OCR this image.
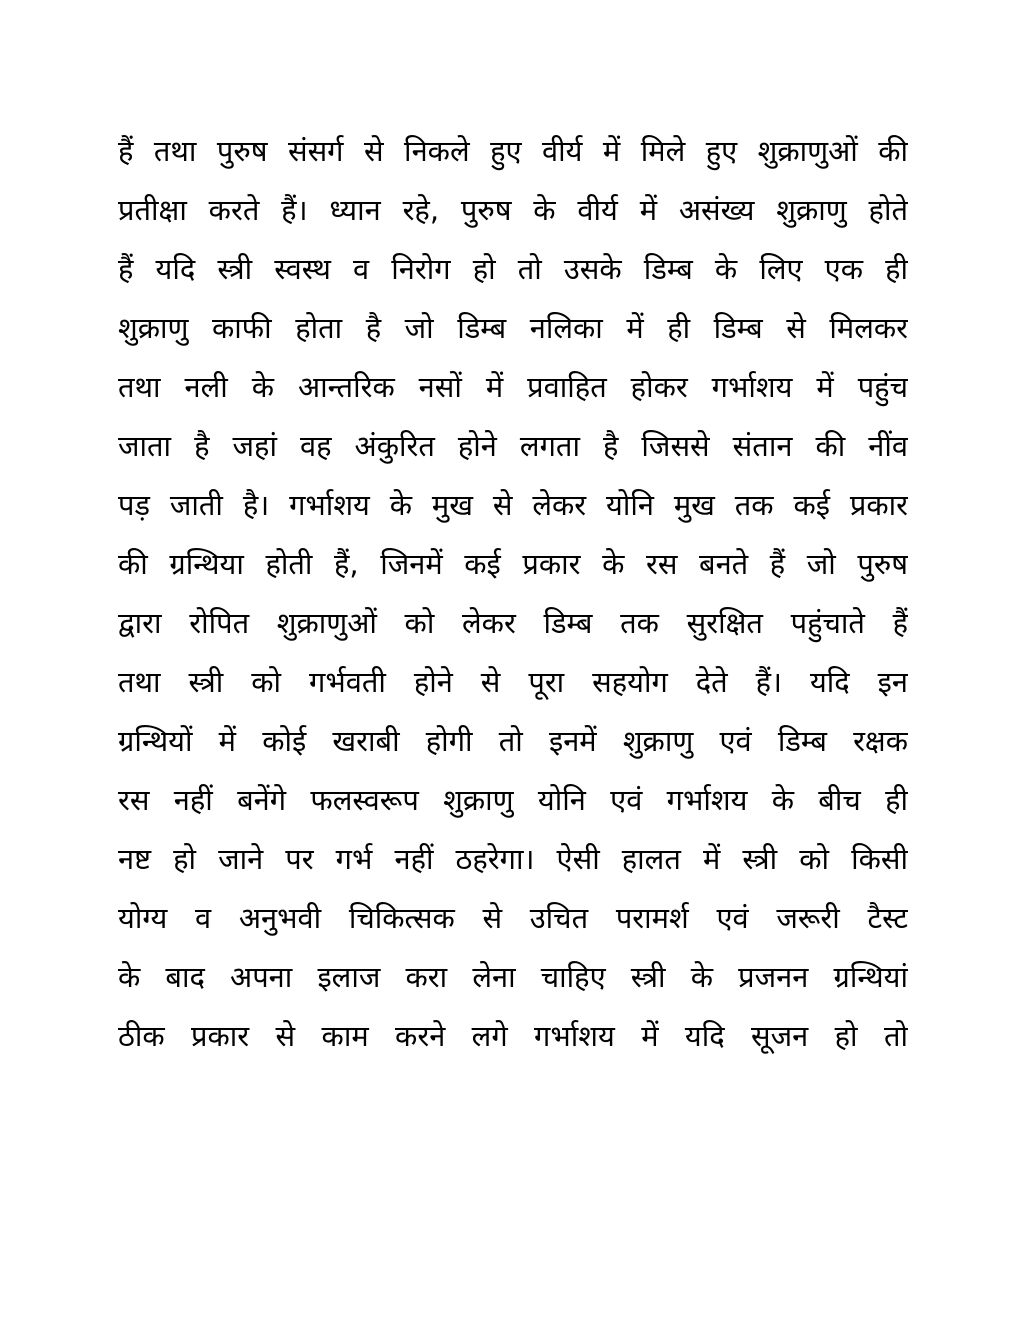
हैं तथा पुरुष संसर्ग से निकले हुए वीर्य में मिले हुए शुक्राणुओं की
प्रतीक्षा करते हैं। ध्यान रहे, पुरुष के वीर्य में असंख्य शुक्राणु होते
हैं यदि स्त्री स्वस्थ व निरोग हो तो उसके डिम्ब के लिए एक ही
शुक्राणु काफी होता है जो डिम्ब नलिका में ही डिम्ब से मिलकर
तथा नली के आन्तरिक नसों में प्रवाहित होकर गर्भाशय में पहुंच
जाता है जहां वह अंकुरित होने लगता है जिससे संतान की नींव
पड़ जाती है। गर्भाशय के मुख से लेकर योनि मुख तक कई प्रकार
की ग्रन्थिया होती हैं, जिनमें कई प्रकार के रस बनते हैं जो पुरुष
द्वारा रोपित शुक्राणुओं को लेकर डिम्ब तक सुरक्षित पहुंचाते हैं
तथा स्त्री को गर्भवती होने से पूरा सहयोग देते हैं। यदि इन
ग्रन्थियों में कोई खराबी होगी तो इनमें शुक्राणु एवं डिम्ब रक्षक
रस नहीं बनेंगे फलस्वरूप शुक्राणु योनि एवं गर्भाशय के बीच ही
नष्ट हो जाने पर गर्भ नहीं ठहरेगा। ऐसी हालत में स्त्री को किसी
योग्य व अनुभवी चिकित्सक से उचित परामर्श एवं जरूरी टैस्ट
के बाद अपना इलाज करा लेना चाहिए स्त्री के प्रजनन ग्रन्थियां
ठीक प्रकार से काम करने लगे गर्भाशय में यदि सूजन हो तो
